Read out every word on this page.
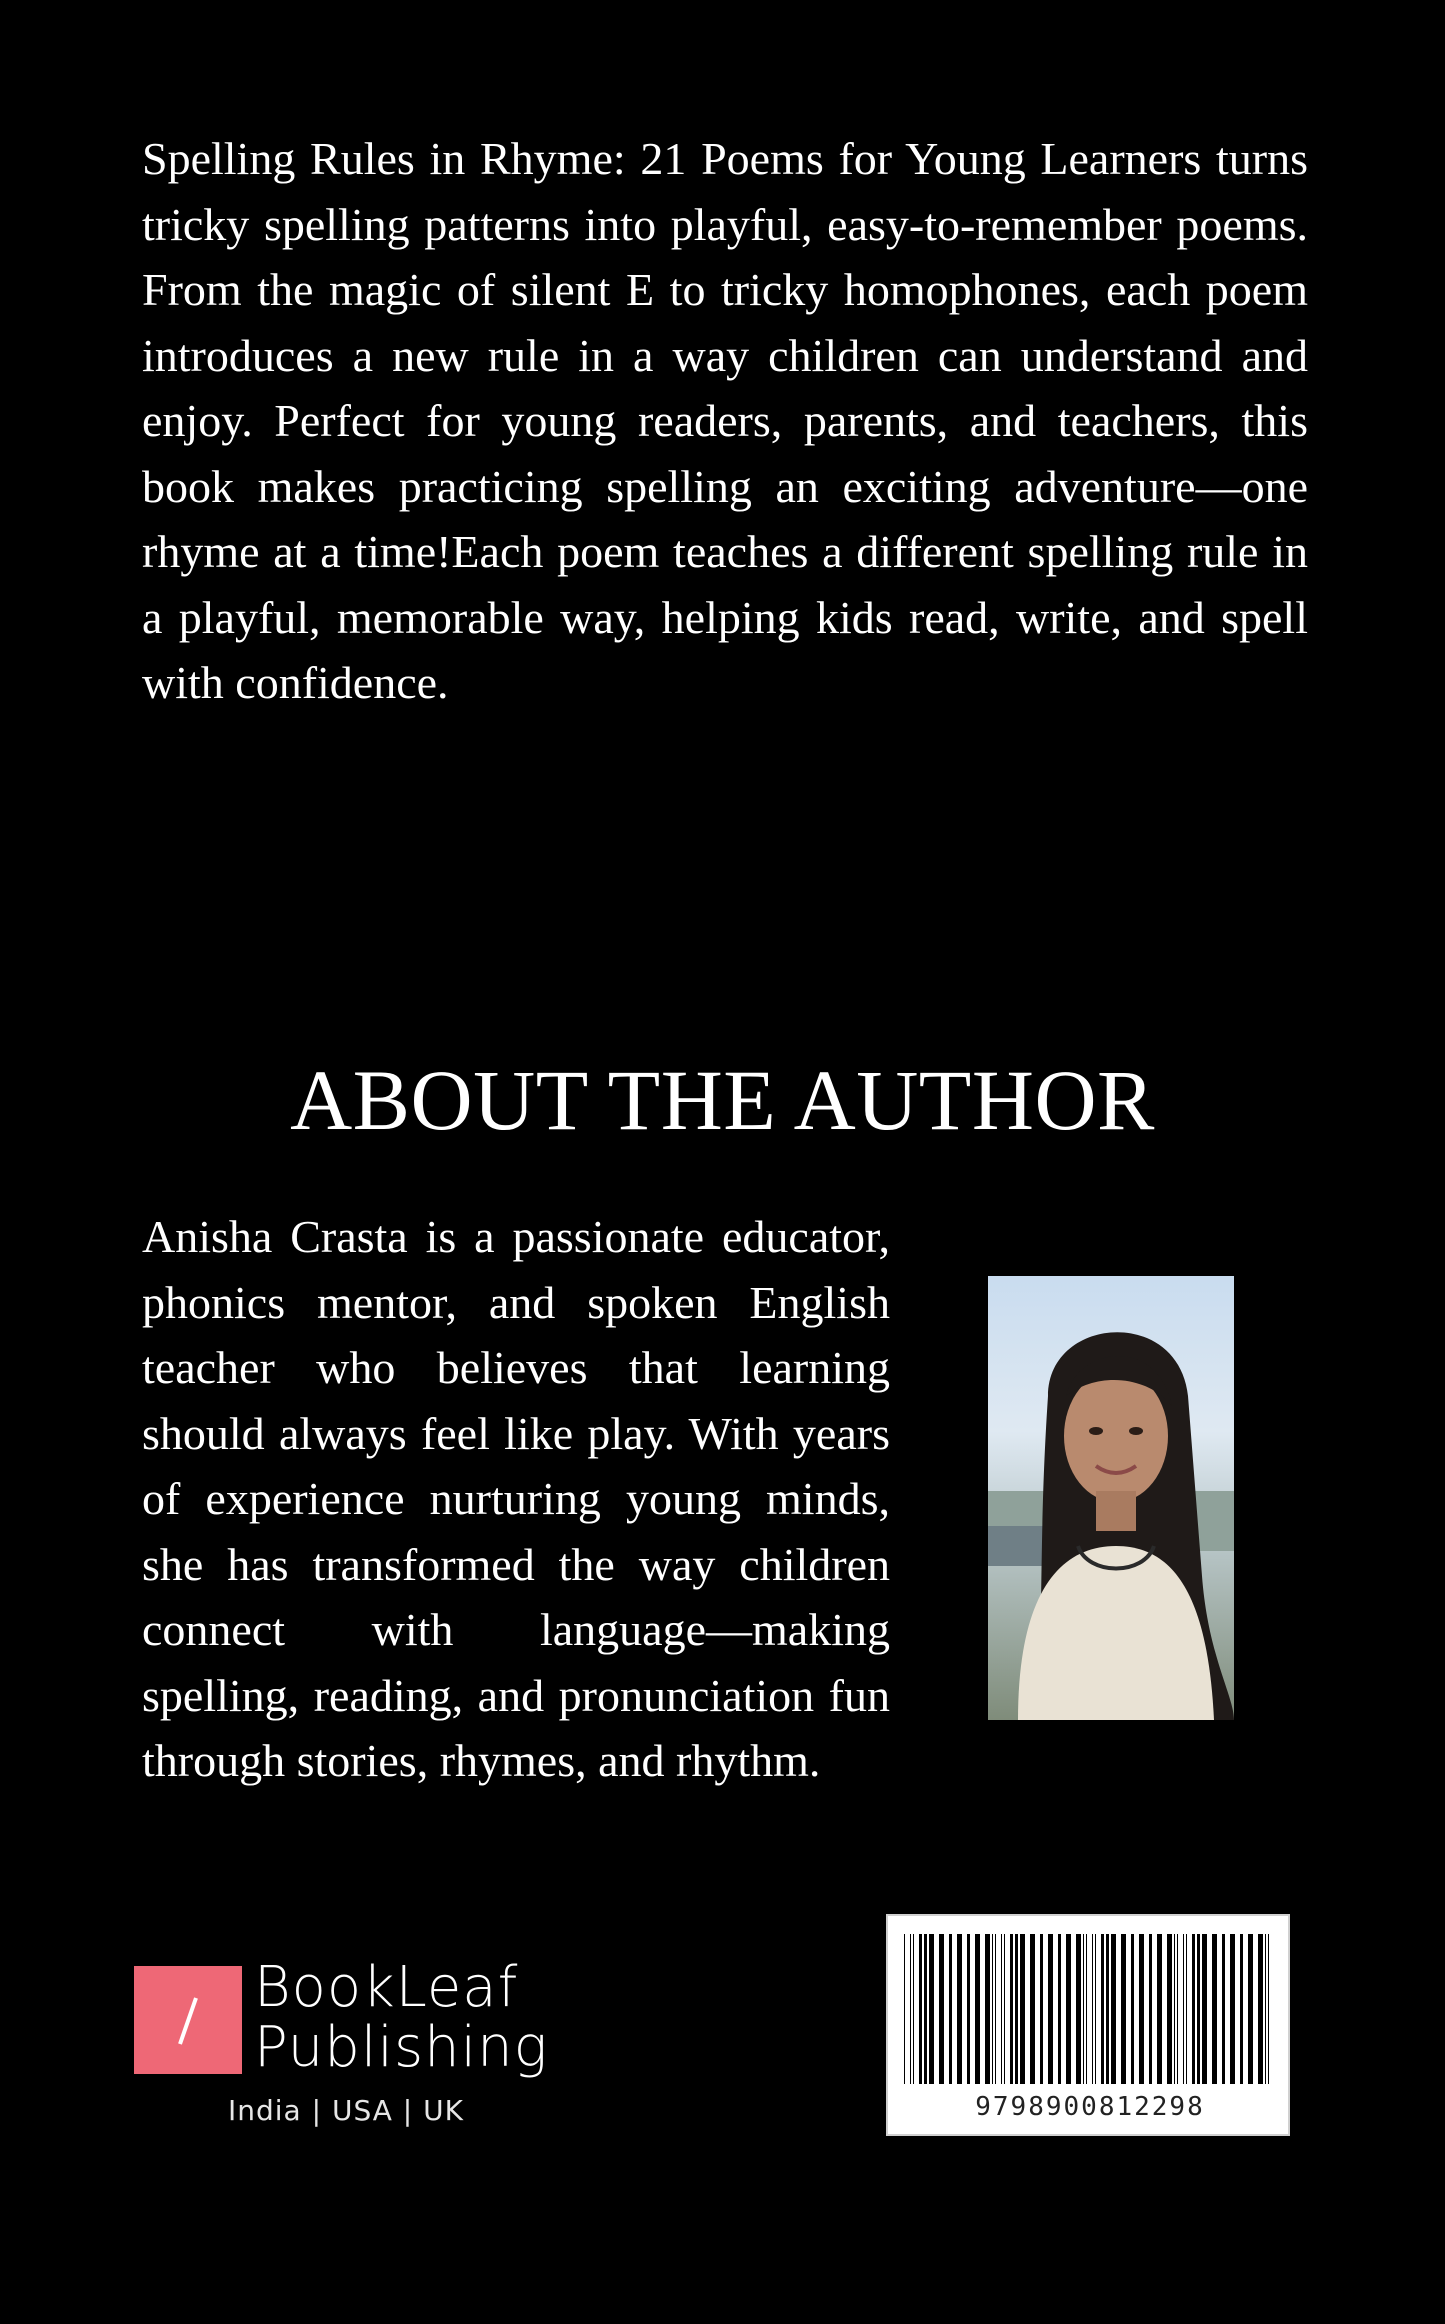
Spelling Rules in Rhyme: 21 Poems for Young Learners turns tricky spelling patterns into playful, easy-to-remember poems. From the magic of silent E to tricky homophones, each poem introduces a new rule in a way children can understand and enjoy. Perfect for young readers, parents, and teachers, this book makes practicing spelling an exciting adventure—one rhyme at a time!Each poem teaches a different spelling rule in a playful, memorable way, helping kids read, write, and spell with confidence.

ABOUT THE AUTHOR

Anisha Crasta is a passionate educator, phonics mentor, and spoken English teacher who believes that learning should always feel like play. With years of experience nurturing young minds, she has transformed the way children connect with language—making spelling, reading, and pronunciation fun through stories, rhymes, and rhythm.

BookLeaf
Publishing
India | USA | UK	9798900812298
